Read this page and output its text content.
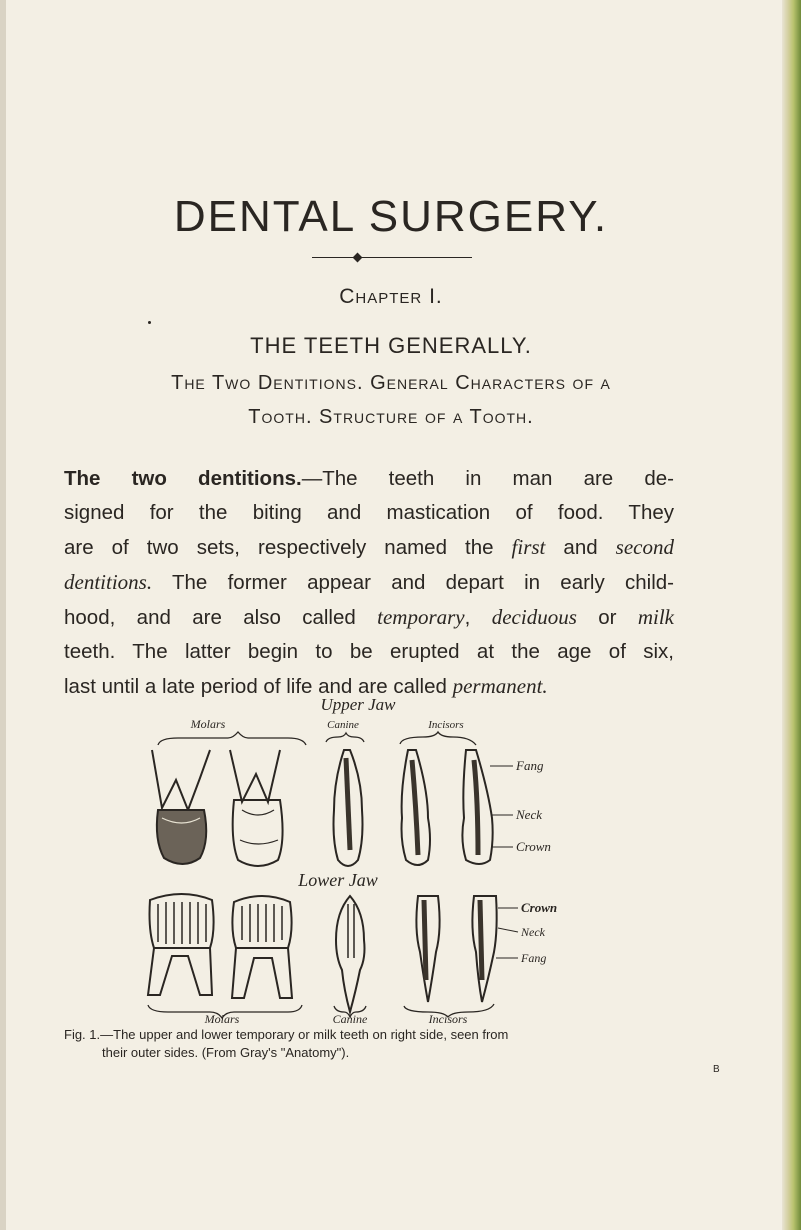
DENTAL SURGERY.
Chapter I.
THE TEETH GENERALLY.
The Two Dentitions. General Characters of a
Tooth. Structure of a Tooth.
The two dentitions.—The teeth in man are de-
signed for the biting and mastication of food. They
are of two sets, respectively named the first and second
dentitions. The former appear and depart in early child-
hood, and are also called temporary, deciduous or milk
teeth. The latter begin to be erupted at the age of six,
last until a late period of life and are called permanent.
Upper Jaw
Molars	Canine	Incisors
Fang
Neck
Crown
Lower Jaw
Crown
Neck
Fang
Molars	Canine	Incisors
Fig. 1.—The upper and lower temporary or milk teeth on right side, seen from
their outer sides. (From Gray's "Anatomy").
B
